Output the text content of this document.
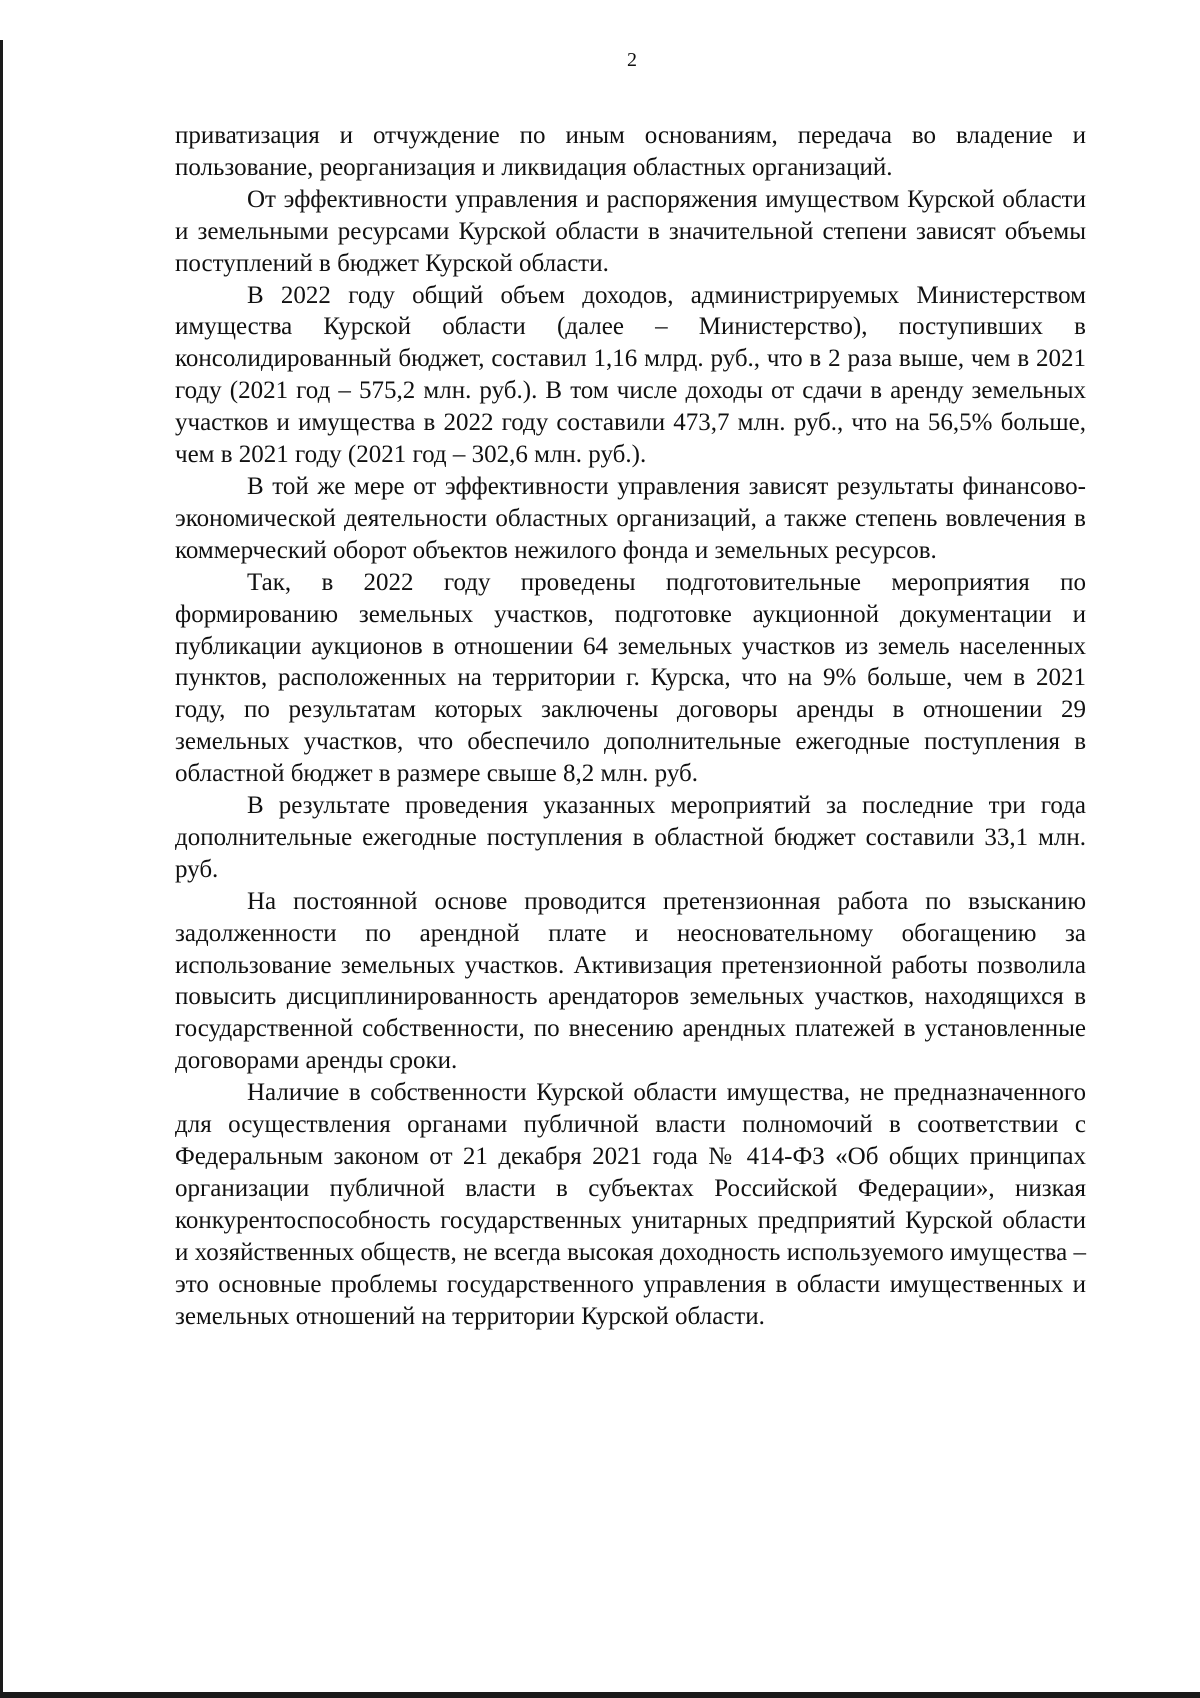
2

приватизация и отчуждение по иным основаниям, передача во владение и пользование, реорганизация и ликвидация областных организаций.

От эффективности управления и распоряжения имуществом Курской области и земельными ресурсами Курской области в значительной степени зависят объемы поступлений в бюджет Курской области.

В 2022 году общий объем доходов, администрируемых Министерством имущества Курской области (далее – Министерство), поступивших в консолидированный бюджет, составил 1,16 млрд. руб., что в 2 раза выше, чем в 2021 году (2021 год – 575,2 млн. руб.). В том числе доходы от сдачи в аренду земельных участков и имущества в 2022 году составили 473,7 млн. руб., что на 56,5% больше, чем в 2021 году (2021 год – 302,6 млн. руб.).

В той же мере от эффективности управления зависят результаты финансово-экономической деятельности областных организаций, а также степень вовлечения в коммерческий оборот объектов нежилого фонда и земельных ресурсов.

Так, в 2022 году проведены подготовительные мероприятия по формированию земельных участков, подготовке аукционной документации и публикации аукционов в отношении 64 земельных участков из земель населенных пунктов, расположенных на территории г. Курска, что на 9% больше, чем в 2021 году, по результатам которых заключены договоры аренды в отношении 29 земельных участков, что обеспечило дополнительные ежегодные поступления в областной бюджет в размере свыше 8,2 млн. руб.

В результате проведения указанных мероприятий за последние три года дополнительные ежегодные поступления в областной бюджет составили 33,1 млн. руб.

На постоянной основе проводится претензионная работа по взысканию задолженности по арендной плате и неосновательному обогащению за использование земельных участков. Активизация претензионной работы позволила повысить дисциплинированность арендаторов земельных участков, находящихся в государственной собственности, по внесению арендных платежей в установленные договорами аренды сроки.

Наличие в собственности Курской области имущества, не предназначенного для осуществления органами публичной власти полномочий в соответствии с Федеральным законом от 21 декабря 2021 года № 414-ФЗ «Об общих принципах организации публичной власти в субъектах Российской Федерации», низкая конкурентоспособность государственных унитарных предприятий Курской области и хозяйственных обществ, не всегда высокая доходность используемого имущества – это основные проблемы государственного управления в области имущественных и земельных отношений на территории Курской области.
